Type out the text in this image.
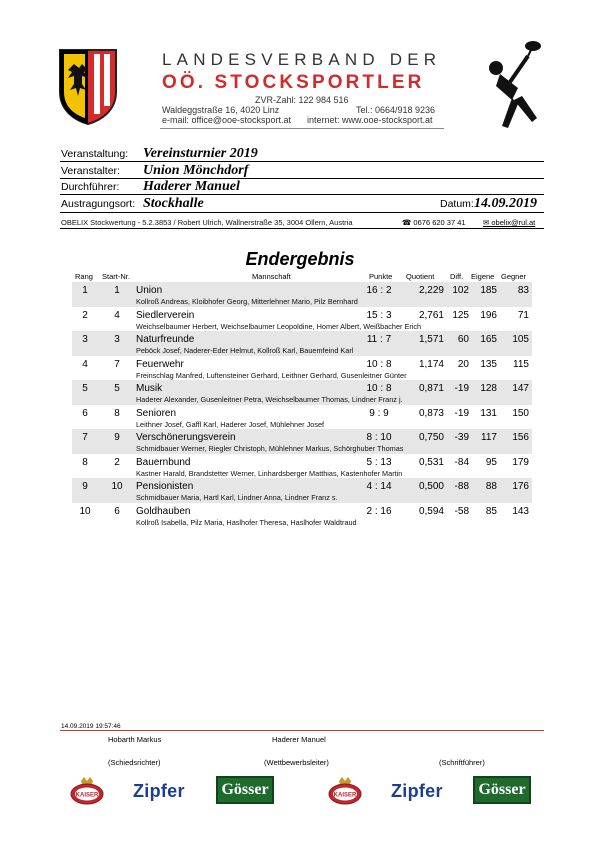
LANDESVERBAND DER
OÖ. STOCKSPORTLER
ZVR-Zahl: 122 984 516
Waldeggstraße 16, 4020 Linz	Tel.: 0664/918 9236
e-mail: office@ooe-stocksport.at internet: www.ooe-stocksport.at
Veranstaltung: Vereinsturnier 2019
Veranstalter: Union Mönchdorf
Durchführer: Haderer Manuel
Austragungsort: Stockhalle	Datum: 14.09.2019
OBELIX Stockwertung - 5.2.3853 / Robert Ulrich, Wallnerstraße 35, 3004 Ollern, Austria	☎ 0676 620 37 41 ✉ obelix@rul.at
Endergebnis
Rang Start-Nr.	Mannschaft	Punkte Quotient Diff. Eigene Gegner
1	1	Union	16 : 2	2,229 102	185	83
Kollroß Andreas, Kloibhofer Georg, Mitterlehner Mario, Pilz Bernhard
2	4	Siedlerverein	15 : 3	2,761 125	196	71
Weichselbaumer Herbert, Weichselbaumer Leopoldine, Homer Albert, Weißbacher Erich
3	3	Naturfreunde	11 : 7	1,571	60	165	105
Peböck Josef, Naderer-Eder Helmut, Kollroß Karl, Bauemfeind Karl
4	7	Feuerwehr	10 : 8	1,174	20	135	115
Freinschlag Manfred, Luftensteiner Gerhard, Leithner Gerhard, Gusenleitner Günter
5	5	Musik	10 : 8	0,871	-19	128	147
Haderer Alexander, Gusenleitner Petra, Weichselbaumer Thomas, Lindner Franz j.
6	8	Senioren	9 : 9	0,873	-19	131	150
Leithner Josef, Gaffl Karl, Haderer Josef, Mühlehner Josef
7	9	Verschönerungsverein	8 : 10	0,750	-39	117	156
Schmidbauer Werner, Riegler Christoph, Mühlehner Markus, Schörghuber Thomas
8	2	Bauernbund	5 : 13	0,531	-84	95	179
Kastner Harald, Brandstetter Werner, Linhardsberger Matthias, Kastenhofer Martin
9	10	Pensionisten	4 : 14	0,500	-88	88	176
Schmidbauer Maria, Hartl Karl, Lindner Anna, Lindner Franz s.
10	6	Goldhauben	2 : 16	0,594	-58	85	143
Kollroß Isabella, Pilz Maria, Haslhofer Theresa, Haslhofer Waldtraud
14.09.2019 19:57:46
Hobarth Markus	Haderer Manuel
(Schiedsrichter)	(Wettbewerbsleiter)	(Schriftführer)
KAISER Zipfer	Gösser	KAISER Zipfer	Gösser
